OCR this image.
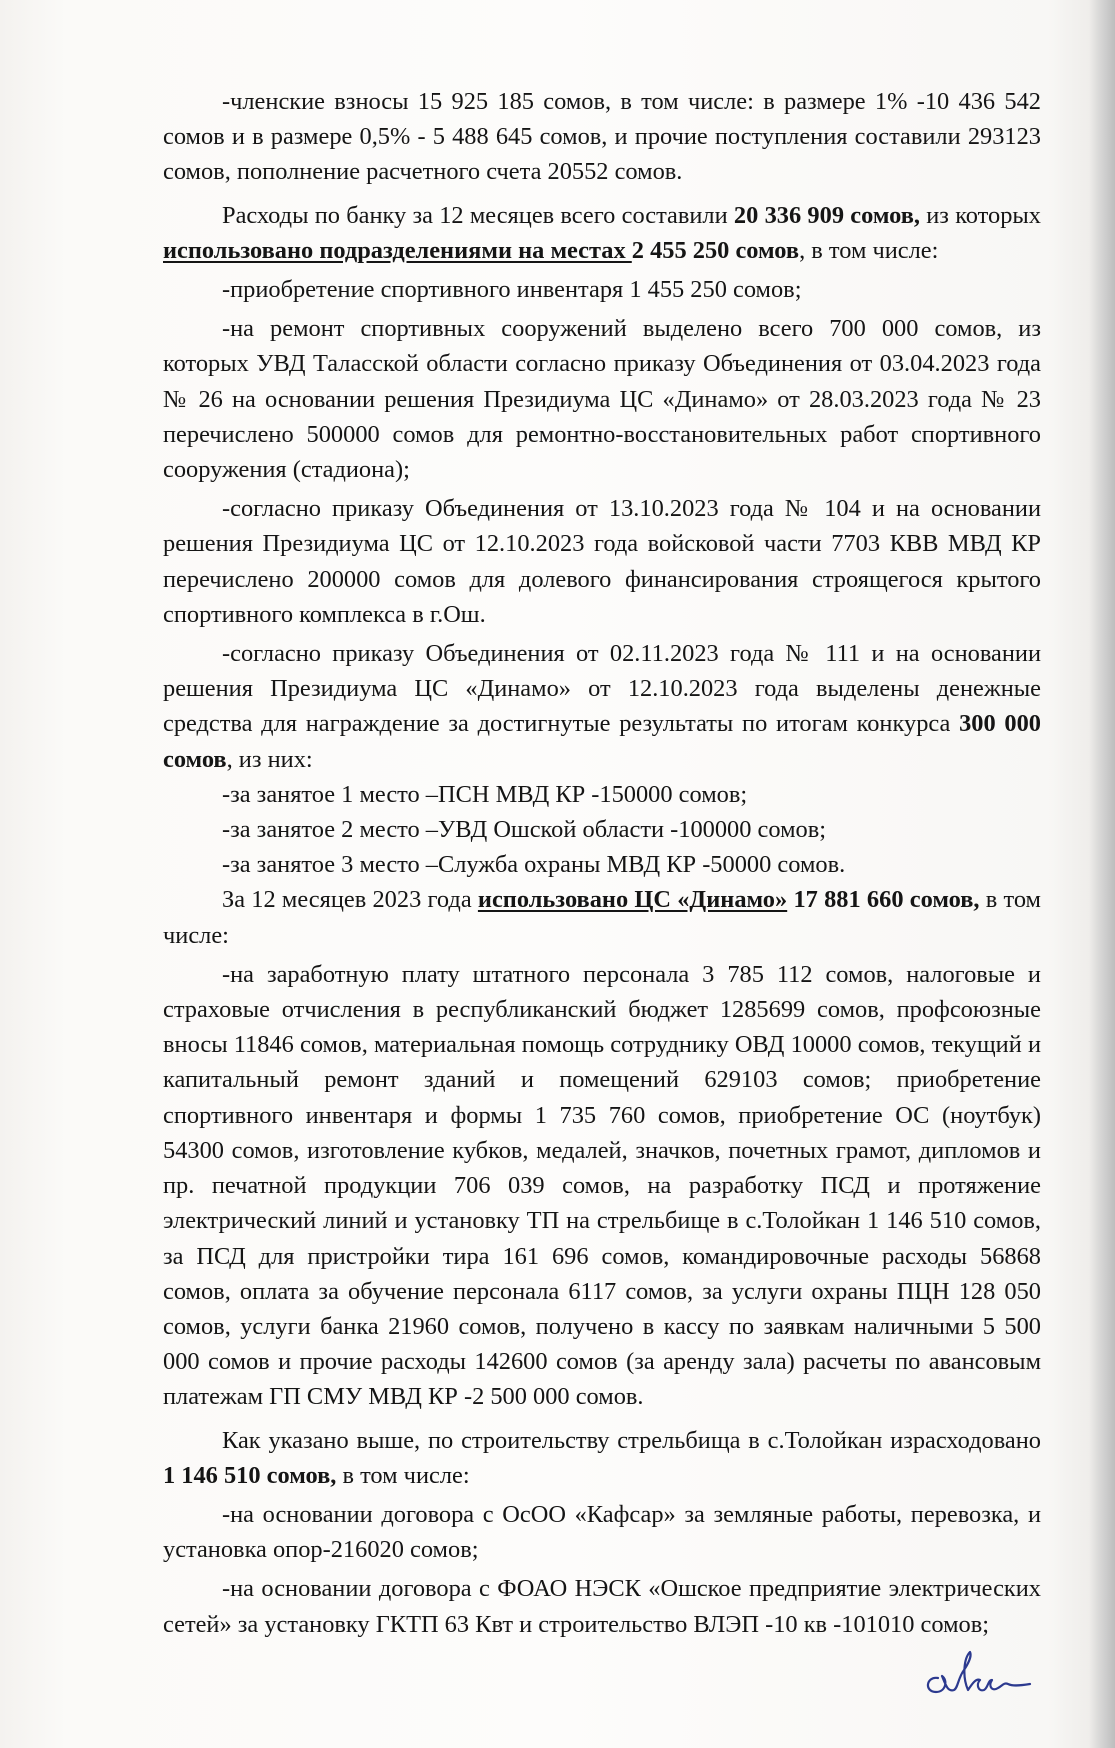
-членские взносы 15 925 185 сомов, в том числе: в размере 1% -10 436 542 сомов и в размере 0,5% - 5 488 645 сомов, и прочие поступления составили 293123 сомов, пополнение расчетного счета 20552 сомов.

Расходы по банку за 12 месяцев всего составили 20 336 909 сомов, из которых использовано подразделениями на местах 2 455 250 сомов, в том числе:

-приобретение спортивного инвентаря 1 455 250 сомов;

-на ремонт спортивных сооружений выделено всего 700 000 сомов, из которых УВД Таласской области согласно приказу Объединения от 03.04.2023 года № 26 на основании решения Президиума ЦС «Динамо» от 28.03.2023 года № 23 перечислено 500000 сомов для ремонтно-восстановительных работ спортивного сооружения (стадиона);

-согласно приказу Объединения от 13.10.2023 года № 104 и на основании решения Президиума ЦС от 12.10.2023 года войсковой части 7703 КВВ МВД КР перечислено 200000 сомов для долевого финансирования строящегося крытого спортивного комплекса в г.Ош.

-согласно приказу Объединения от 02.11.2023 года № 111 и на основании решения Президиума ЦС «Динамо» от 12.10.2023 года выделены денежные средства для награждение за достигнутые результаты по итогам конкурса 300 000 сомов, из них:

-за занятое 1 место –ПСН МВД КР -150000 сомов;

-за занятое 2 место –УВД Ошской области -100000 сомов;

-за занятое 3 место –Служба охраны МВД КР -50000 сомов.

За 12 месяцев 2023 года использовано ЦС «Динамо» 17 881 660 сомов, в том числе:

-на заработную плату штатного персонала 3 785 112 сомов, налоговые и страховые отчисления в республиканский бюджет 1285699 сомов, профсоюзные вносы 11846 сомов, материальная помощь сотруднику ОВД 10000 сомов, текущий и капитальный ремонт зданий и помещений 629103 сомов; приобретение спортивного инвентаря и формы 1 735 760 сомов, приобретение ОС (ноутбук) 54300 сомов, изготовление кубков, медалей, значков, почетных грамот, дипломов и пр. печатной продукции 706 039 сомов, на разработку ПСД и протяжение электрический линий и установку ТП на стрельбище в с.Толойкан 1 146 510 сомов, за ПСД для пристройки тира 161 696 сомов, командировочные расходы 56868 сомов, оплата за обучение персонала 6117 сомов, за услуги охраны ПЦН 128 050 сомов, услуги банка 21960 сомов, получено в кассу по заявкам наличными 5 500 000 сомов и прочие расходы 142600 сомов (за аренду зала) расчеты по авансовым платежам ГП СМУ МВД КР -2 500 000 сомов.

Как указано выше, по строительству стрельбища в с.Толойкан израсходовано 1 146 510 сомов, в том числе:

-на основании договора с ОсОО «Кафсар» за земляные работы, перевозка, и установка опор-216020 сомов;

-на основании договора с ФОАО НЭСК «Ошское предприятие электрических сетей» за установку ГКТП 63 Квт и строительство ВЛЭП -10 кв -101010 сомов;
